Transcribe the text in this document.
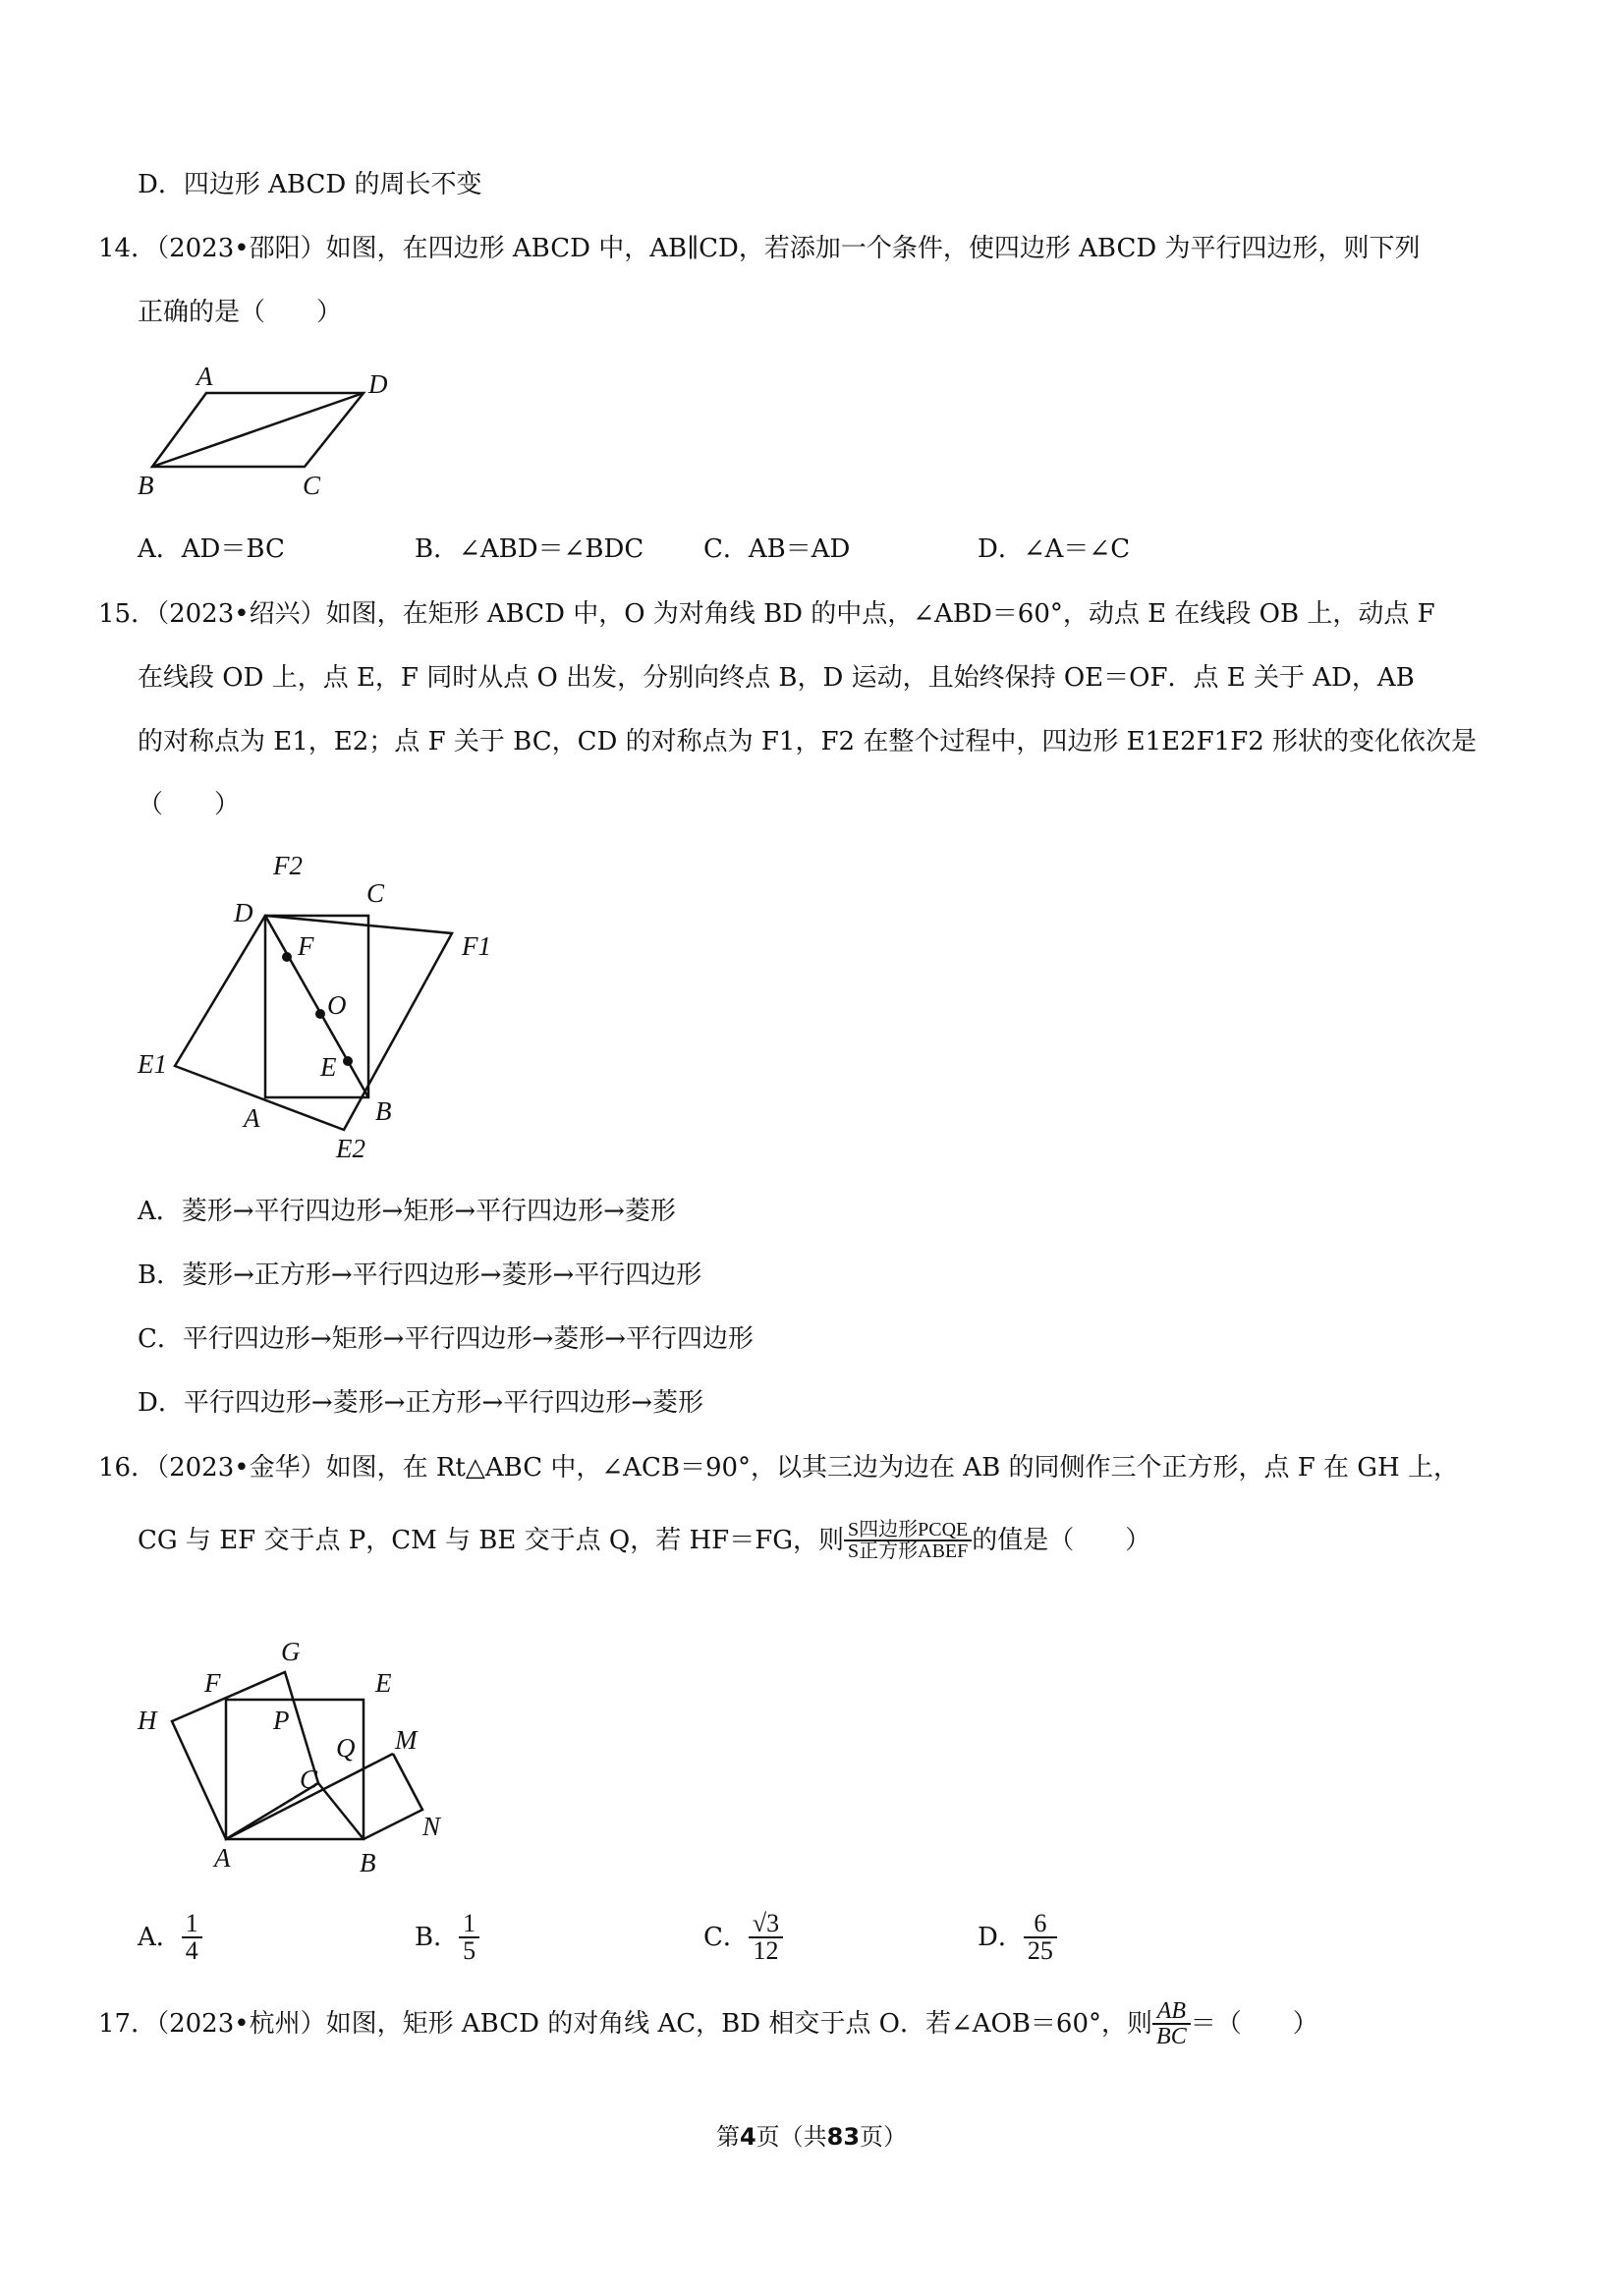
D．四边形 ABCD 的周长不变
14．（2023•邵阳）如图，在四边形 ABCD 中，AB∥CD，若添加一个条件，使四边形 ABCD 为平行四边形，则下列
正确的是（　　）
A	D
B	C
A．AD＝BC	B．∠ABD＝∠BDC C．AB＝AD	D．∠A＝∠C
15．（2023•绍兴）如图，在矩形 ABCD 中，O 为对角线 BD 的中点，∠ABD＝60°，动点 E 在线段 OB 上，动点 F
在线段 OD 上，点 E，F 同时从点 O 出发，分别向终点 B，D 运动，且始终保持 OE＝OF．点 E 关于 AD，AB
的对称点为 E1，E2；点 F 关于 BC，CD 的对称点为 F1，F2 在整个过程中，四边形 E1E2F1F2 形状的变化依次是
（　　）
F2
D
C
F	F1
O
E1	E
B
A
E2
A．菱形→平行四边形→矩形→平行四边形→菱形
B．菱形→正方形→平行四边形→菱形→平行四边形
C．平行四边形→矩形→平行四边形→菱形→平行四边形
D．平行四边形→菱形→正方形→平行四边形→菱形
16．（2023•金华）如图，在 Rt△ABC 中，∠ACB＝90°，以其三边为边在 AB 的同侧作三个正方形，点 F 在 GH 上，
CG 与 EF 交于点 P，CM 与 BE 交于点 Q，若 HF＝FG，则 $\frac{\text{S四边形PCQE}}{\text{S正方形ABEF}}$ 的值是（　　）
G
F	E
H	P
M
Q
C
N
A	B
A． $\frac{1}{4}$	B． $\frac{1}{5}$	C． $\frac{√3}{12}$	D． $\frac{6}{25}$
17．（2023•杭州）如图，矩形 ABCD 的对角线 AC，BD 相交于点 O．若∠AOB＝60°，则 $\frac{AB}{BC}$ ＝（　　）
第4页（共83页）
